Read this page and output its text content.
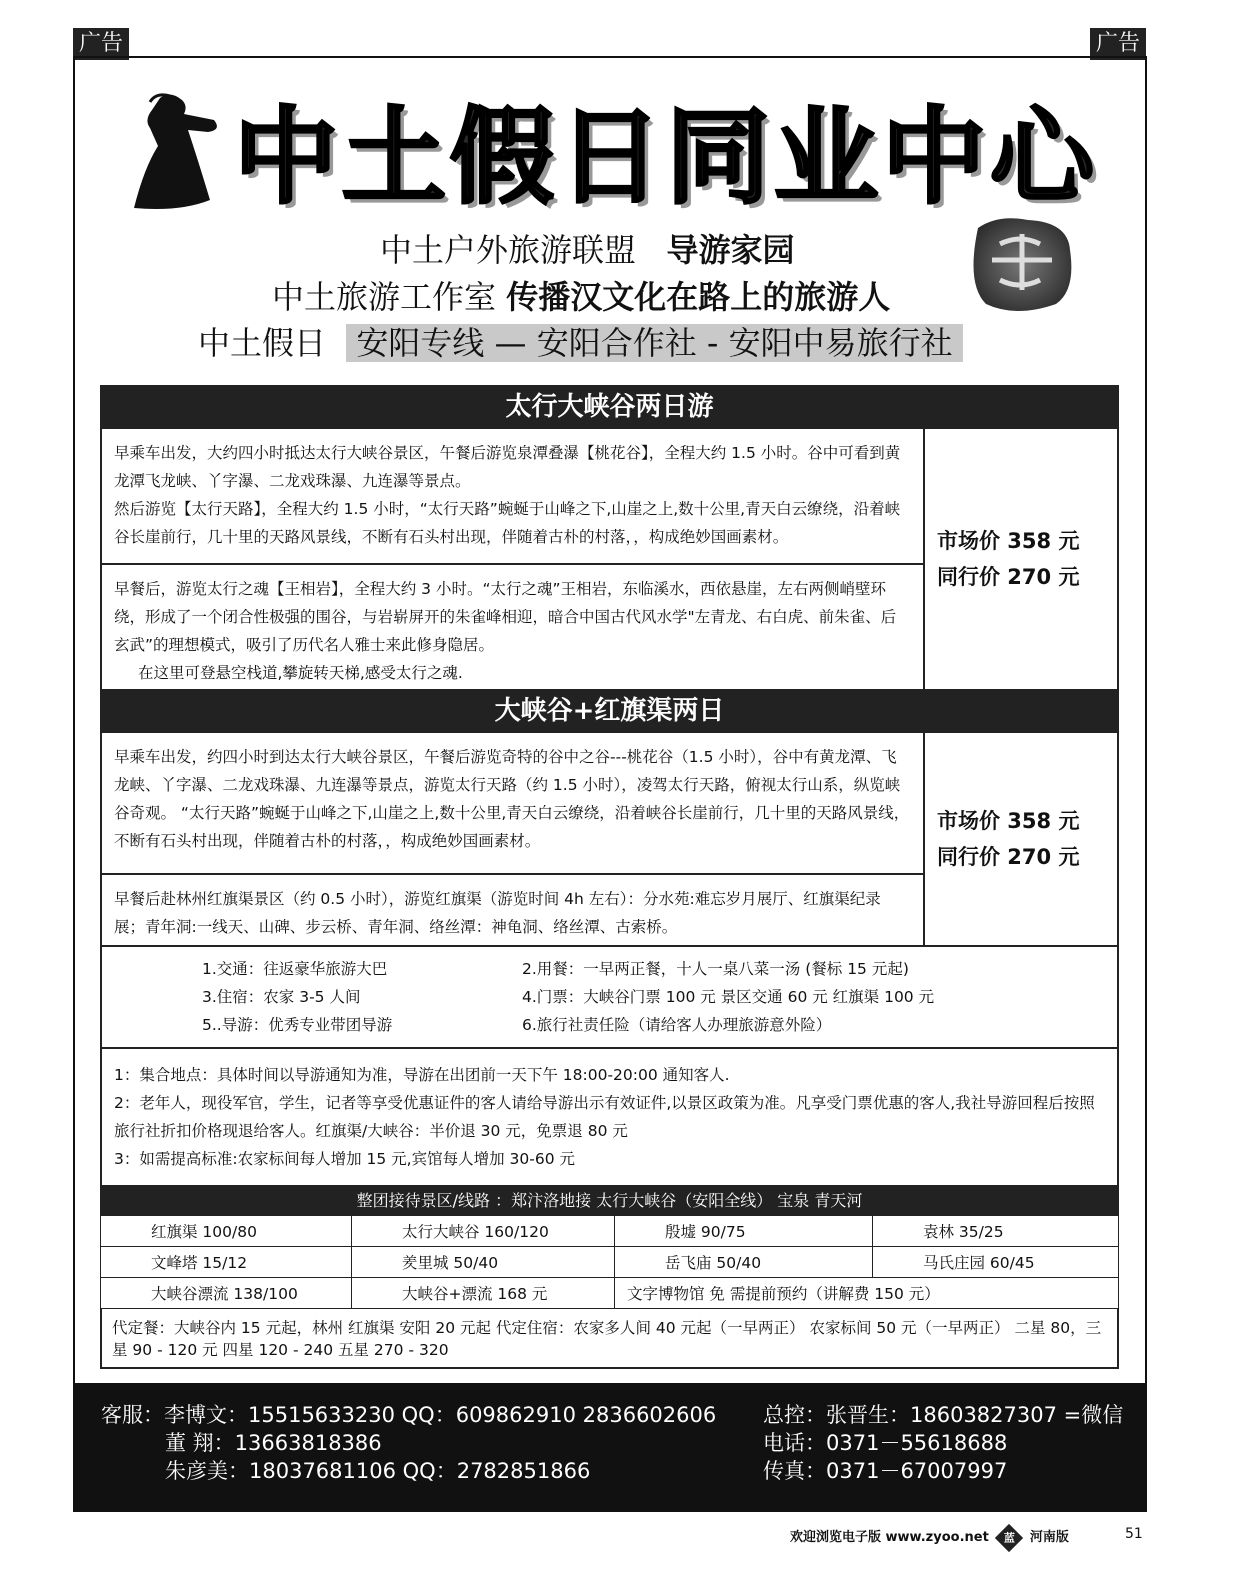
广告	广告
中土假日同业中心
中土户外旅游联盟 导游家园
中土旅游工作室 传播汉文化在路上的旅游人
中土假日 安阳专线 — 安阳合作社 - 安阳中易旅行社
太行大峡谷两日游
早乘车出发，大约四小时抵达太行大峡谷景区，午餐后游览泉潭叠瀑【桃花谷】，全程大约 1.5 小时。谷中可看到黄龙潭飞龙峡、丫字瀑、二龙戏珠瀑、九连瀑等景点。
然后游览【太行天路】，全程大约 1.5 小时，“太行天路”蜿蜒于山峰之下,山崖之上,数十公里,青天白云缭绕，沿着峡谷长崖前行，几十里的天路风景线，不断有石头村出现，伴随着古朴的村落，，构成绝妙国画素材。
早餐后，游览太行之魂【王相岩】，全程大约 3 小时。“太行之魂”王相岩，东临溪水，西依悬崖，左右两侧峭壁环绕，形成了一个闭合性极强的围谷，与岩崭屏开的朱雀峰相迎，暗合中国古代风水学"左青龙、右白虎、前朱雀、后玄武”的理想模式，吸引了历代名人雅士来此修身隐居。
在这里可登悬空栈道,攀旋转天梯,感受太行之魂.
市场价 358 元
同行价 270 元
大峡谷+红旗渠两日
早乘车出发，约四小时到达太行大峡谷景区，午餐后游览奇特的谷中之谷---桃花谷（1.5 小时），谷中有黄龙潭、飞龙峡、丫字瀑、二龙戏珠瀑、九连瀑等景点，游览太行天路（约 1.5 小时），凌驾太行天路，俯视太行山系，纵览峡谷奇观。 “太行天路”蜿蜒于山峰之下,山崖之上,数十公里,青天白云缭绕，沿着峡谷长崖前行，几十里的天路风景线，不断有石头村出现，伴随着古朴的村落，，构成绝妙国画素材。
早餐后赴林州红旗渠景区（约 0.5 小时），游览红旗渠（游览时间 4h 左右）：分水苑:难忘岁月展厅、红旗渠纪录展；青年洞:一线天、山碑、步云桥、青年洞、络丝潭：神龟洞、络丝潭、古索桥。
市场价 358 元
同行价 270 元
1.交通：往返豪华旅游大巴	2.用餐：一早两正餐，十人一桌八菜一汤 (餐标 15 元起)
3.住宿：农家 3-5 人间	4.门票：大峡谷门票 100 元 景区交通 60 元 红旗渠 100 元
5..导游：优秀专业带团导游	6.旅行社责任险（请给客人办理旅游意外险）
1：集合地点：具体时间以导游通知为准，导游在出团前一天下午 18:00-20:00 通知客人.
2：老年人，现役军官，学生，记者等享受优惠证件的客人请给导游出示有效证件,以景区政策为准。凡享受门票优惠的客人,我社导游回程后按照旅行社折扣价格现退给客人。红旗渠/大峡谷：半价退 30 元，免票退 80 元
3：如需提高标准:农家标间每人增加 15 元,宾馆每人增加 30-60 元
整团接待景区/线路 ：郑汴洛地接 太行大峡谷（安阳全线） 宝泉 青天河
红旗渠 100/80	太行大峡谷 160/120	殷墟 90/75	袁林 35/25
文峰塔 15/12	羑里城 50/40	岳飞庙 50/40	马氏庄园 60/45
大峡谷漂流 138/100	大峡谷+漂流 168 元	文字博物馆 免 需提前预约（讲解费 150 元）	
代定餐：大峡谷内 15 元起，林州 红旗渠 安阳 20 元起 代定住宿：农家多人间 40 元起（一早两正） 农家标间 50 元（一早两正） 二星 80，三星 90 - 120 元 四星 120 - 240 五星 270 - 320
客服：李博文：15515633230 QQ：609862910 2836602606
董 翔：13663818386
朱彦美：18037681106 QQ：2782851866
总控：张晋生：18603827307 =微信
电话：0371－55618688
传真：0371－67007997
欢迎浏览电子版 www.zyoo.net 蓝 河南版	51
